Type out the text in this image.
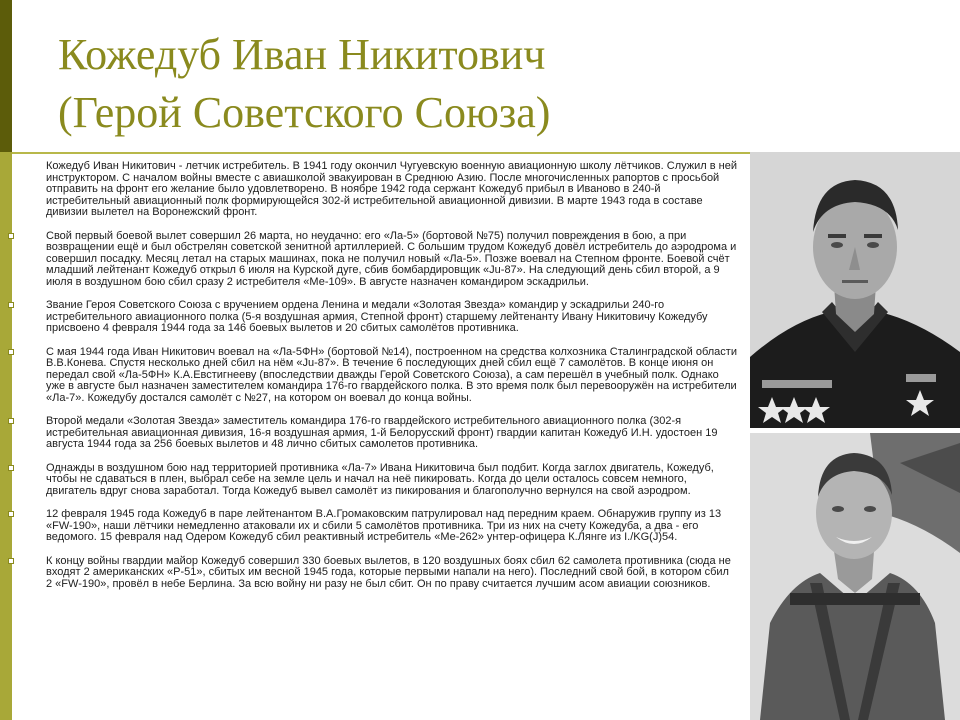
Кожедуб Иван Никитович
(Герой Советского Союза)
Кожедуб Иван Никитович - летчик истребитель. В 1941 году окончил Чугуевскую военную авиационную школу лётчиков. Служил в ней инструктором. С началом войны вместе с авиашколой эвакуирован в Среднюю Азию. После многочисленных рапортов с просьбой отправить на фронт его желание было удовлетворено. В ноябре 1942 года сержант Кожедуб прибыл в Иваново в 240-й истребительный авиационный полк формирующейся 302-й истребительной авиационной дивизии. В марте 1943 года в составе дивизии вылетел на Воронежский фронт.
Свой первый боевой вылет совершил 26 марта, но неудачно: его «Ла-5» (бортовой №75) получил повреждения в бою, а при возвращении ещё и был обстрелян советской зенитной артиллерией. С большим трудом Кожедуб довёл истребитель до аэродрома и совершил посадку. Месяц летал на старых машинах, пока не получил новый «Ла-5». Позже воевал на Степном фронте. Боевой счёт младший лейтенант Кожедуб открыл 6 июля на Курской дуге, сбив бомбардировщик «Ju-87». На следующий день сбил второй, а 9 июля в воздушном бою сбил сразу 2 истребителя «Ме-109». В августе назначен командиром эскадрильи.
Звание Героя Советского Союза с вручением ордена Ленина и медали «Золотая Звезда» командир у эскадрильи 240-го истребительного авиационного полка (5-я воздушная армия, Степной фронт) старшему лейтенанту Ивану Никитовичу Кожедубу присвоено 4 февраля 1944 года за 146 боевых вылетов и 20 сбитых самолётов противника.
С мая 1944 года Иван Никитович воевал на «Ла-5ФН» (бортовой №14), построенном на средства колхозника Сталинградской области В.В.Конева. Спустя несколько дней сбил на нём «Ju-87». В течение 6 последующих дней сбил ещё 7 самолётов. В конце июня он передал свой «Ла-5ФН» К.А.Евстигнееву (впоследствии дважды Герой Советского Союза), а сам перешёл в учебный полк. Однако уже в августе был назначен заместителем командира 176-го гвардейского полка. В это время полк был перевооружён на истребители «Ла-7». Кожедубу достался самолёт с №27, на котором он воевал до конца войны.
Второй медали «Золотая Звезда» заместитель командира 176-го гвардейского истребительного авиационного полка (302-я истребительная авиационная дивизия, 16-я воздушная армия, 1-й Белорусский фронт) гвардии капитан Кожедуб И.Н. удостоен 19 августа 1944 года за 256 боевых вылетов и 48 лично сбитых самолетов противника.
Однажды в воздушном бою над территорией противника «Ла-7» Ивана Никитовича был подбит. Когда заглох двигатель, Кожедуб, чтобы не сдаваться в плен, выбрал себе на земле цель и начал на неё пикировать. Когда до цели осталось совсем немного, двигатель вдруг снова заработал. Тогда Кожедуб вывел самолёт из пикирования и благополучно вернулся на свой аэродром.
12 февраля 1945 года Кожедуб в паре лейтенантом В.А.Громаковским патрулировал над передним краем. Обнаружив группу из 13 «FW-190», наши лётчики немедленно атаковали их и сбили 5 самолётов противника. Три из них на счету Кожедуба, а два - его ведомого. 15 февраля над Одером Кожедуб сбил реактивный истребитель «Ме-262» унтер-офицера К.Лянге из I./KG(J)54.
К концу войны гвардии майор Кожедуб совершил 330 боевых вылетов, в 120 воздушных боях сбил 62 самолета противника (сюда не входят 2 американских «Р-51», сбитых им весной 1945 года, которые первыми напали на него). Последний свой бой, в котором сбил 2 «FW-190», провёл в небе Берлина. За всю войну ни разу не был сбит. Он по праву считается лучшим асом авиации союзников.
